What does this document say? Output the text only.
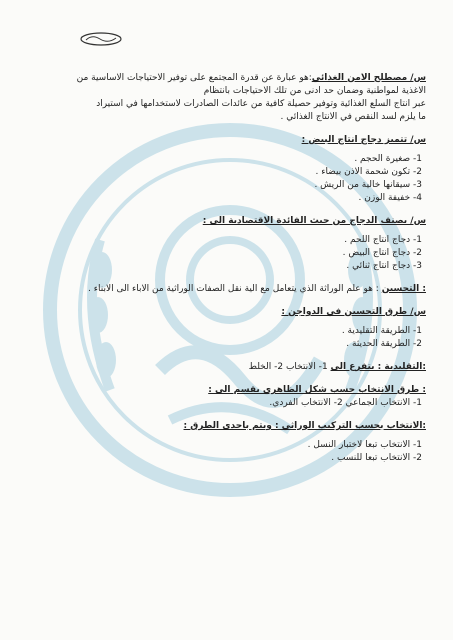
س/ مصطلح الامن الغذائي:هو عبارة عن قدرة المجتمع على توفير الاحتياجات الاساسية من
الاغذية لمواطنية وضمان حد ادنى من تلك الاحتياجات بانتظام
عبر انتاج السلع الغذائية وتوفير حصيلة كافية من عائدات الصادرات لاستخدامها في استيراد
ما يلزم لسد النقص في الانتاج الغذائي .
س/ تتميز دجاج انتاج البيض :
1- صغيرة الحجم .
2- تكون شحمة الاذن بيضاء .
3- سيقانها خالية من الريش .
4- خفيفة الوزن .
س/ يصنف الدجاج من حيث الفائدة الاقتصادية الى :
1- دجاج انتاج اللحم .
2- دجاج انتاج البيض .
3- دجاج انتاج ثنائي .
: التحسين : هو علم الوراثة الذي يتعامل مع الية نقل الصفات الوراثية من الاباء الى الابناء .
س/ طرق التحسين في الدواجن :
1- الطريقة التقليدية .
2- الطريقة الحديثة .
:التقليدية : يتفرع الى 1- الانتخاب 2- الخلط
: طرق الانتخاب حسب شكل الظاهري يقسم الى :
1- الانتخاب الجماعي 2- الانتخاب الفردي.
:الانتخاب بحسب التركيب الوراثي : ويتم باحدى الطرق :
1- الانتخاب تبعا لاختبار النسل .
2- الانتخاب تبعا للنسب .
